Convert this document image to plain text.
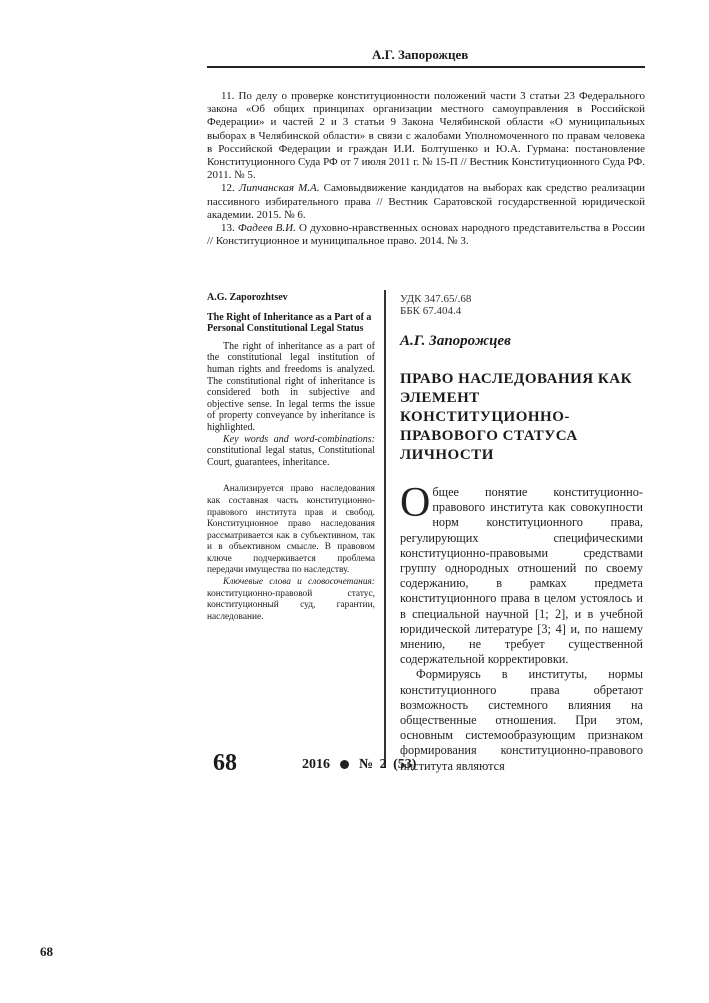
А.Г. Запорожцев

11. По делу о проверке конституционности положений части 3 статьи 23 Федерального закона «Об общих принципах организации местного самоуправления в Российской Федерации» и частей 2 и 3 статьи 9 Закона Челябинской области «О муниципальных выборах в Челябинской области» в связи с жалобами Уполномоченного по правам человека в Российской Федерации и граждан И.И. Болтушенко и Ю.А. Гурмана: постановление Конституционного Суда РФ от 7 июля 2011 г. № 15-П // Вестник Конституционного Суда РФ. 2011. № 5.

12. Липчанская М.А. Самовыдвижение кандидатов на выборах как средство реализации пассивного избирательного права // Вестник Саратовской государственной юридической академии. 2015. № 6.

13. Фадеев В.И. О духовно-нравственных основах народного представительства в России // Конституционное и муниципальное право. 2014. № 3.

A.G. Zaporozhtsev
The Right of Inheritance as a Part of a Personal Constitutional Legal Status

The right of inheritance as a part of the constitutional legal institution of human rights and freedoms is analyzed. The constitutional right of inheritance is considered both in subjective and objective sense. In legal terms the issue of property conveyance by inheritance is highlighted.

Key words and word-combinations: constitutional legal status, Constitutional Court, guarantees, inheritance.

Анализируется право наследования как составная часть конституционно-правового института прав и свобод. Конституционное право наследования рассматривается как в субъективном, так и в объективном смысле. В правовом ключе подчеркивается проблема передачи имущества по наследству.

Ключевые слова и словосочетания: конституционно-правовой статус, конституционный суд, гарантии, наследование.

УДК 347.65/.68
ББК 67.404.4
А.Г. Запорожцев
ПРАВО НАСЛЕДОВАНИЯ КАК ЭЛЕМЕНТ КОНСТИТУЦИОННО-ПРАВОВОГО СТАТУСА ЛИЧНОСТИ

Общее понятие конституционно-правового института как совокупности норм конституционного права, регулирующих специфическими конституционно-правовыми средствами группу однородных отношений по своему содержанию, в рамках предмета конституционного права в целом устоялось и в специальной научной [1; 2], и в учебной юридической литературе [3; 4] и, по нашему мнению, не требует существенной содержательной корректировки.

Формируясь в институты, нормы конституционного права обретают возможность системного влияния на общественные отношения. При этом, основным системообразующим признаком формирования конституционно-правового института являются

68	2016 № 2 (53)
68
